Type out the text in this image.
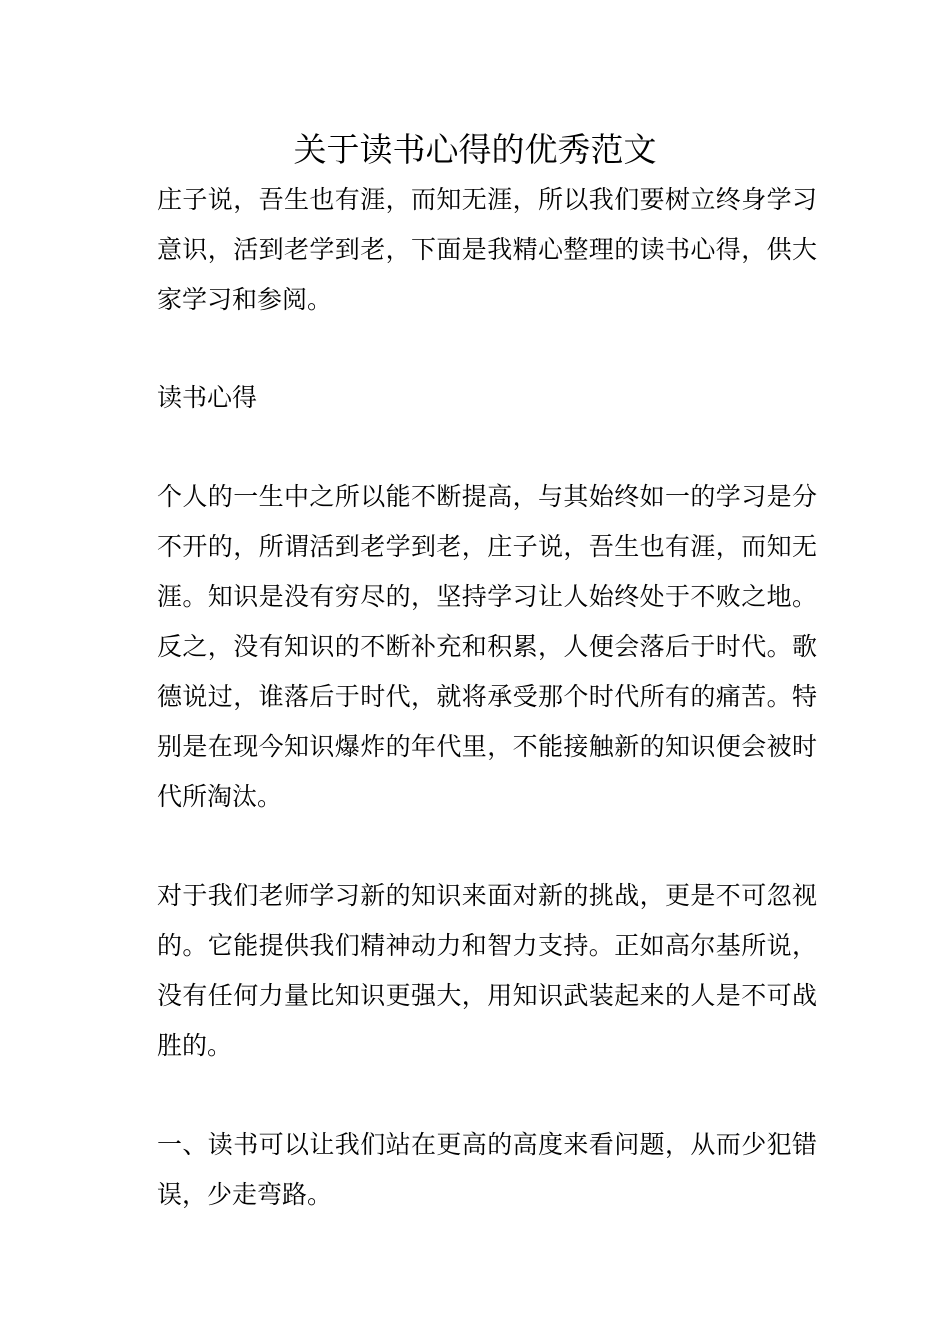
关于读书心得的优秀范文

庄子说，吾生也有涯，而知无涯，所以我们要树立终身学习意识，活到老学到老，下面是我精心整理的读书心得，供大家学习和参阅。

读书心得

个人的一生中之所以能不断提高，与其始终如一的学习是分不开的，所谓活到老学到老，庄子说，吾生也有涯，而知无涯。知识是没有穷尽的，坚持学习让人始终处于不败之地。反之，没有知识的不断补充和积累，人便会落后于时代。歌德说过，谁落后于时代，就将承受那个时代所有的痛苦。特别是在现今知识爆炸的年代里，不能接触新的知识便会被时代所淘汰。

对于我们老师学习新的知识来面对新的挑战，更是不可忽视的。它能提供我们精神动力和智力支持。正如高尔基所说，没有任何力量比知识更强大，用知识武装起来的人是不可战胜的。

一、读书可以让我们站在更高的高度来看问题，从而少犯错误，少走弯路。
